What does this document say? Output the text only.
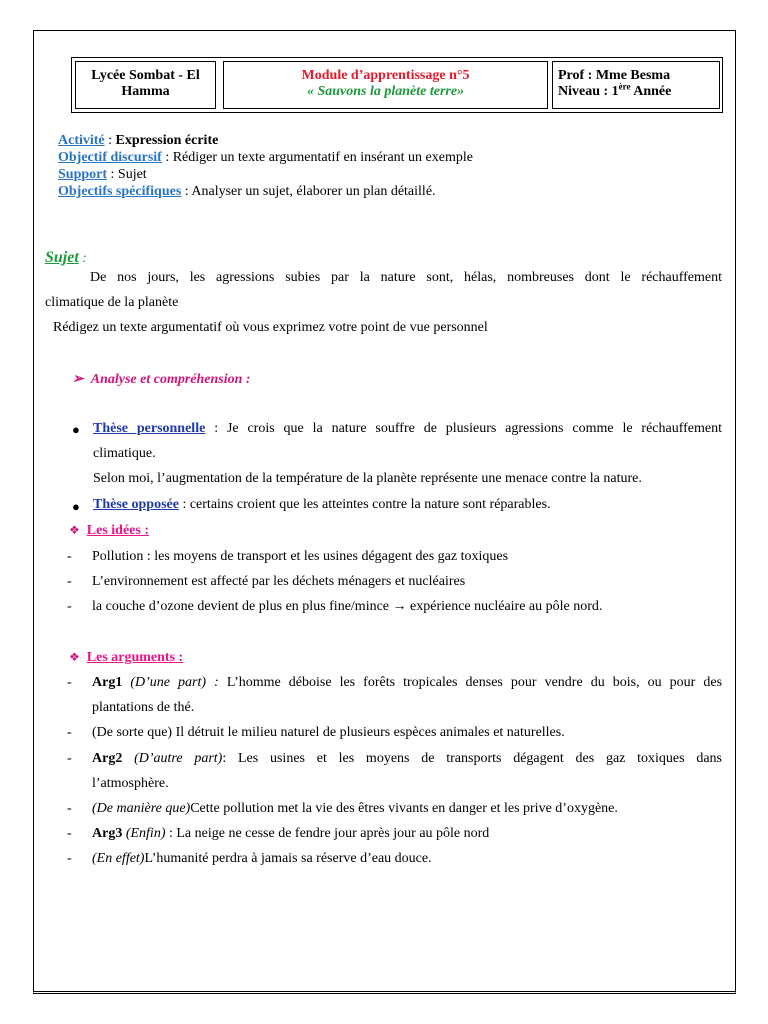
Lycée Sombat - El
Hamma
Module d’apprentissage n°5
« Sauvons la planète terre»
Prof : Mme Besma
Niveau : 1ère Année
Activité : Expression écrite
Objectif discursif : Rédiger un texte argumentatif en insérant un exemple
Support : Sujet
Objectifs spécifiques : Analyser un sujet, élaborer un plan détaillé.
Sujet :
De nos jours, les agressions subies par la nature sont, hélas, nombreuses dont le réchauffement
climatique de la planète
Rédigez un texte argumentatif où vous exprimez votre point de vue personnel
➢ Analyse et compréhension :
● Thèse personnelle : Je crois que la nature souffre de plusieurs agressions comme le réchauffement
climatique.
Selon moi, l’augmentation de la température de la planète représente une menace contre la nature.
● Thèse opposée : certains croient que les atteintes contre la nature sont réparables.
❖ Les idées :
- Pollution : les moyens de transport et les usines dégagent des gaz toxiques
- L’environnement est affecté par les déchets ménagers et nucléaires
- la couche d’ozone devient de plus en plus fine/mince → expérience nucléaire au pôle nord.
❖ Les arguments :
- Arg1 (D’une part) : L’homme déboise les forêts tropicales denses pour vendre du bois, ou pour des
plantations de thé.
- (De sorte que) Il détruit le milieu naturel de plusieurs espèces animales et naturelles.
- Arg2 (D’autre part): Les usines et les moyens de transports dégagent des gaz toxiques dans
l’atmosphère.
- (De manière que)Cette pollution met la vie des êtres vivants en danger et les prive d’oxygène.
- Arg3 (Enfin) : La neige ne cesse de fendre jour après jour au pôle nord
- (En effet)L’humanité perdra à jamais sa réserve d’eau douce.
